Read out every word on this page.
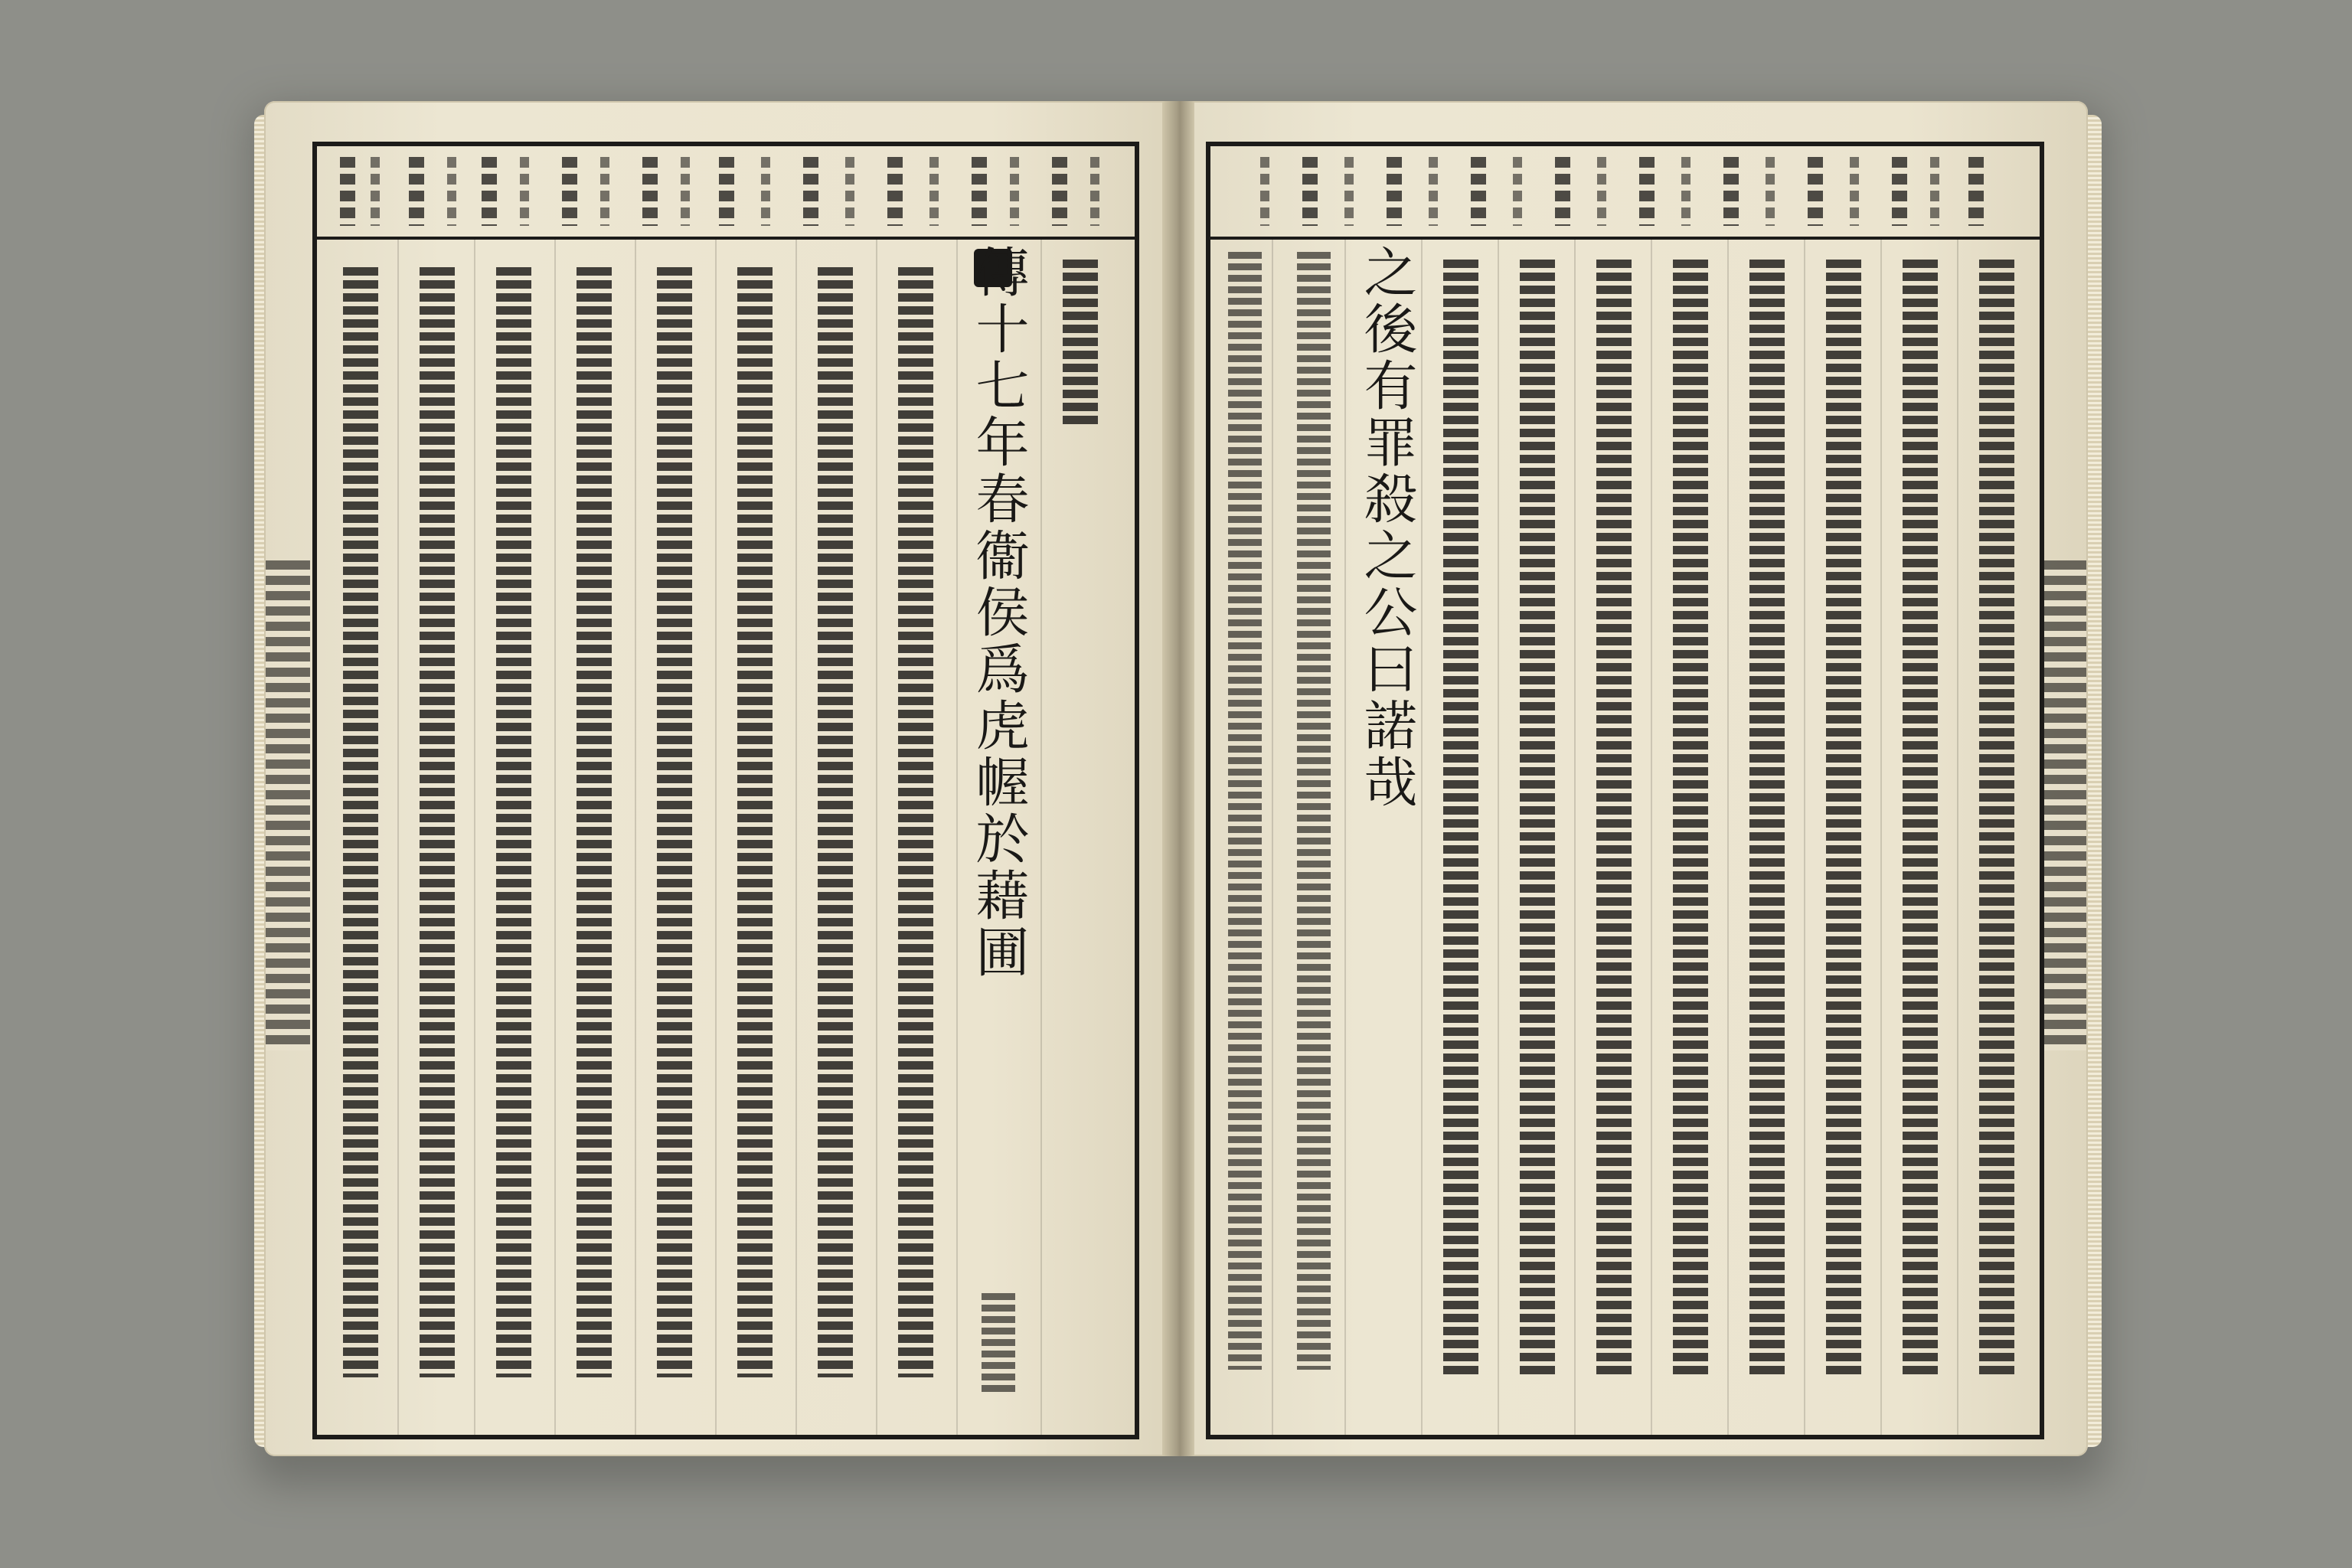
傳十七年春衞侯爲虎幄於藉圃	之後有罪殺之公曰諾哉
